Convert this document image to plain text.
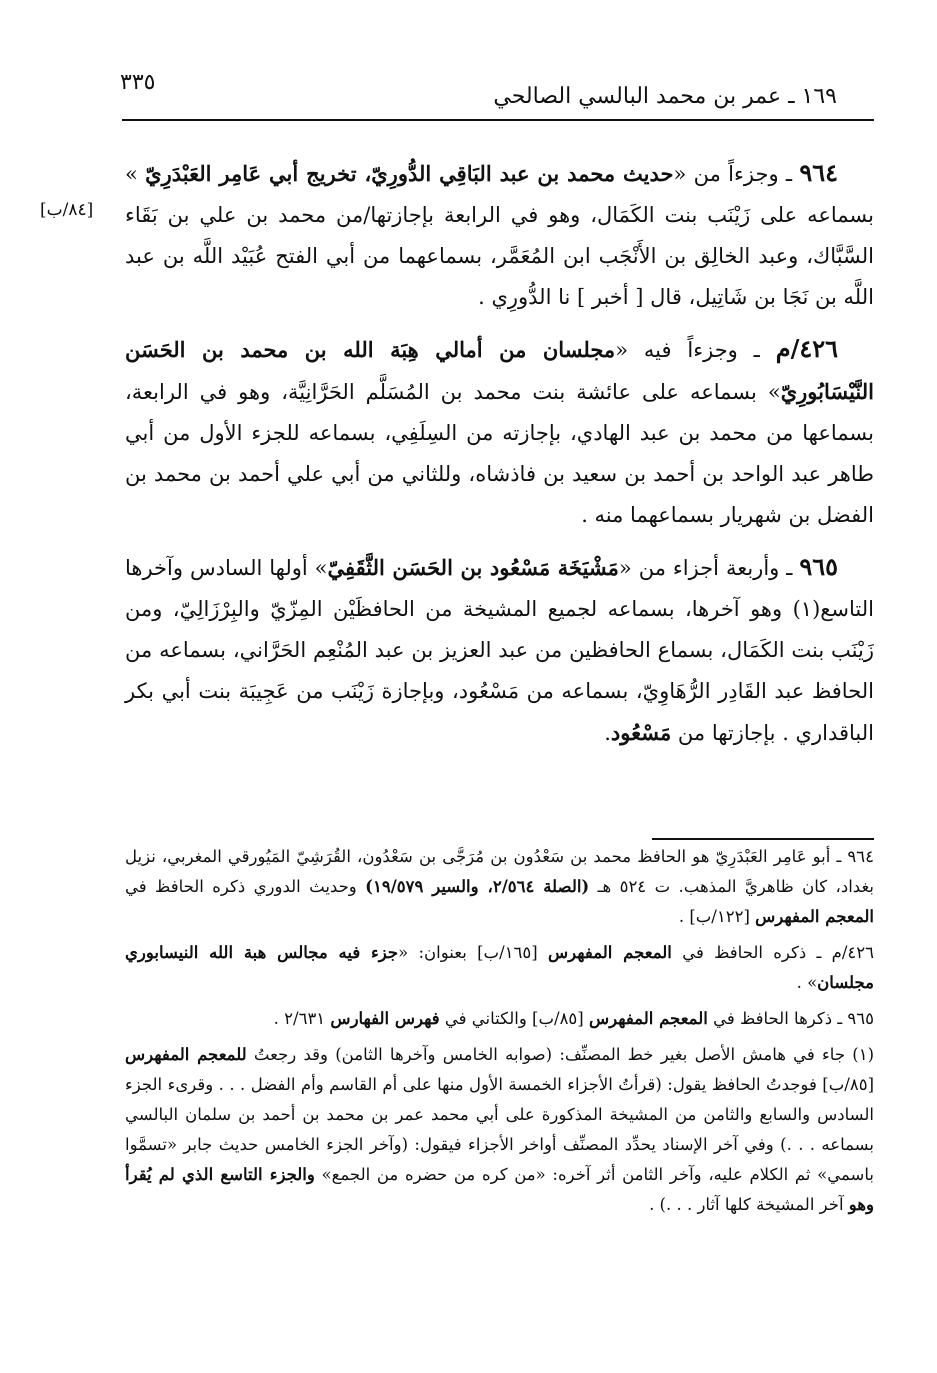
٣٣٥
١٦٩ ـ عمر بن محمد البالسي الصالحي
[٨٤/ب]

٩٦٤ ـ وجزءاً من «حديث محمد بن عبد البَاقِي الدُّورِيّ، تخريج أبي عَامِر العَبْدَرِيّ » بسماعه على زَيْنَب بنت الكَمَال، وهو في الرابعة بإجازتها/من محمد بن علي بن بَقَاء السَّبَّاك، وعبد الخالِق بن الأَنْجَب ابن المُعَمَّر، بسماعهما من أبي الفتح عُبَيْد اللَّه بن عبد اللَّه بن نَجَا بن شَاتِيل، قال [ أخبر ] نا الدُّورِي .

٤٢٦/م ـ وجزءاً فيه «مجلسان من أمالي هِبَة الله بن محمد بن الحَسَن النَّيْسَابُورِيّ» بسماعه على عائشة بنت محمد بن المُسَلَّم الحَرَّانِيَّة، وهو في الرابعة، بسماعها من محمد بن عبد الهادي، بإجازته من السِلَفِي، بسماعه للجزء الأول من أبي طاهر عبد الواحد بن أحمد بن سعيد بن فاذشاه، وللثاني من أبي علي أحمد بن محمد بن الفضل بن شهريار بسماعهما منه .

٩٦٥ ـ وأربعة أجزاء من «مَشْيَخَة مَسْعُود بن الحَسَن الثَّقَفِيّ» أولها السادس وآخرها التاسع(١) وهو آخرها، بسماعه لجميع المشيخة من الحافظَيْن المِزّيّ والبِرْزَالِيّ، ومن زَيْنَب بنت الكَمَال، بسماع الحافظين من عبد العزيز بن عبد المُنْعِم الحَرَّاني، بسماعه من الحافظ عبد القَادِر الرُّهَاوِيّ، بسماعه من مَسْعُود، وبإجازة زَيْنَب من عَجِيبَة بنت أبي بكر الباقداري . بإجازتها من مَسْعُود.

٩٦٤ ـ أبو عَامِر العَبْدَرِيّ هو الحافظ محمد بن سَعْدُون بن مُرَجَّى بن سَعْدُون، القُرَشِيّ المَيُورقي المغربي، نزيل بغداد، كان ظاهريَّ المذهب. ت ٥٢٤ هـ (الصلة ٢/٥٦٤، والسير ١٩/٥٧٩) وحديث الدوري ذكره الحافظ في المعجم المفهرس [١٢٢/ب] .

٤٢٦/م ـ ذكره الحافظ في المعجم المفهرس [١٦٥/ب] بعنوان: «جزء فيه مجالس هبة الله النيسابوري مجلسان» .

٩٦٥ ـ ذكرها الحافظ في المعجم المفهرس [٨٥/ب] والكتاني في فهرس الفهارس ٢/٦٣١ .

(١) جاء في هامش الأصل بغير خط المصنِّف: (صوابه الخامس وآخرها الثامن) وقد رجعتُ للمعجم المفهرس [٨٥/ب] فوجدتُ الحافظ يقول: (قرأتُ الأجزاء الخمسة الأول منها على أم القاسم وأم الفضل . . . وقرىء الجزء السادس والسابع والثامن من المشيخة المذكورة على أبي محمد عمر بن محمد بن أحمد بن سلمان البالسي بسماعه . . .) وفي آخر الإسناد يحدِّد المصنِّف أواخر الأجزاء فيقول: (وآخر الجزء الخامس حديث جابر «تسمَّوا باسمي» ثم الكلام عليه، وآخر الثامن أثر آخره: «من كره من حضره من الجمع» والجزء التاسع الذي لم يُقرأ وهو آخر المشيخة كلها آثار . . .) .
